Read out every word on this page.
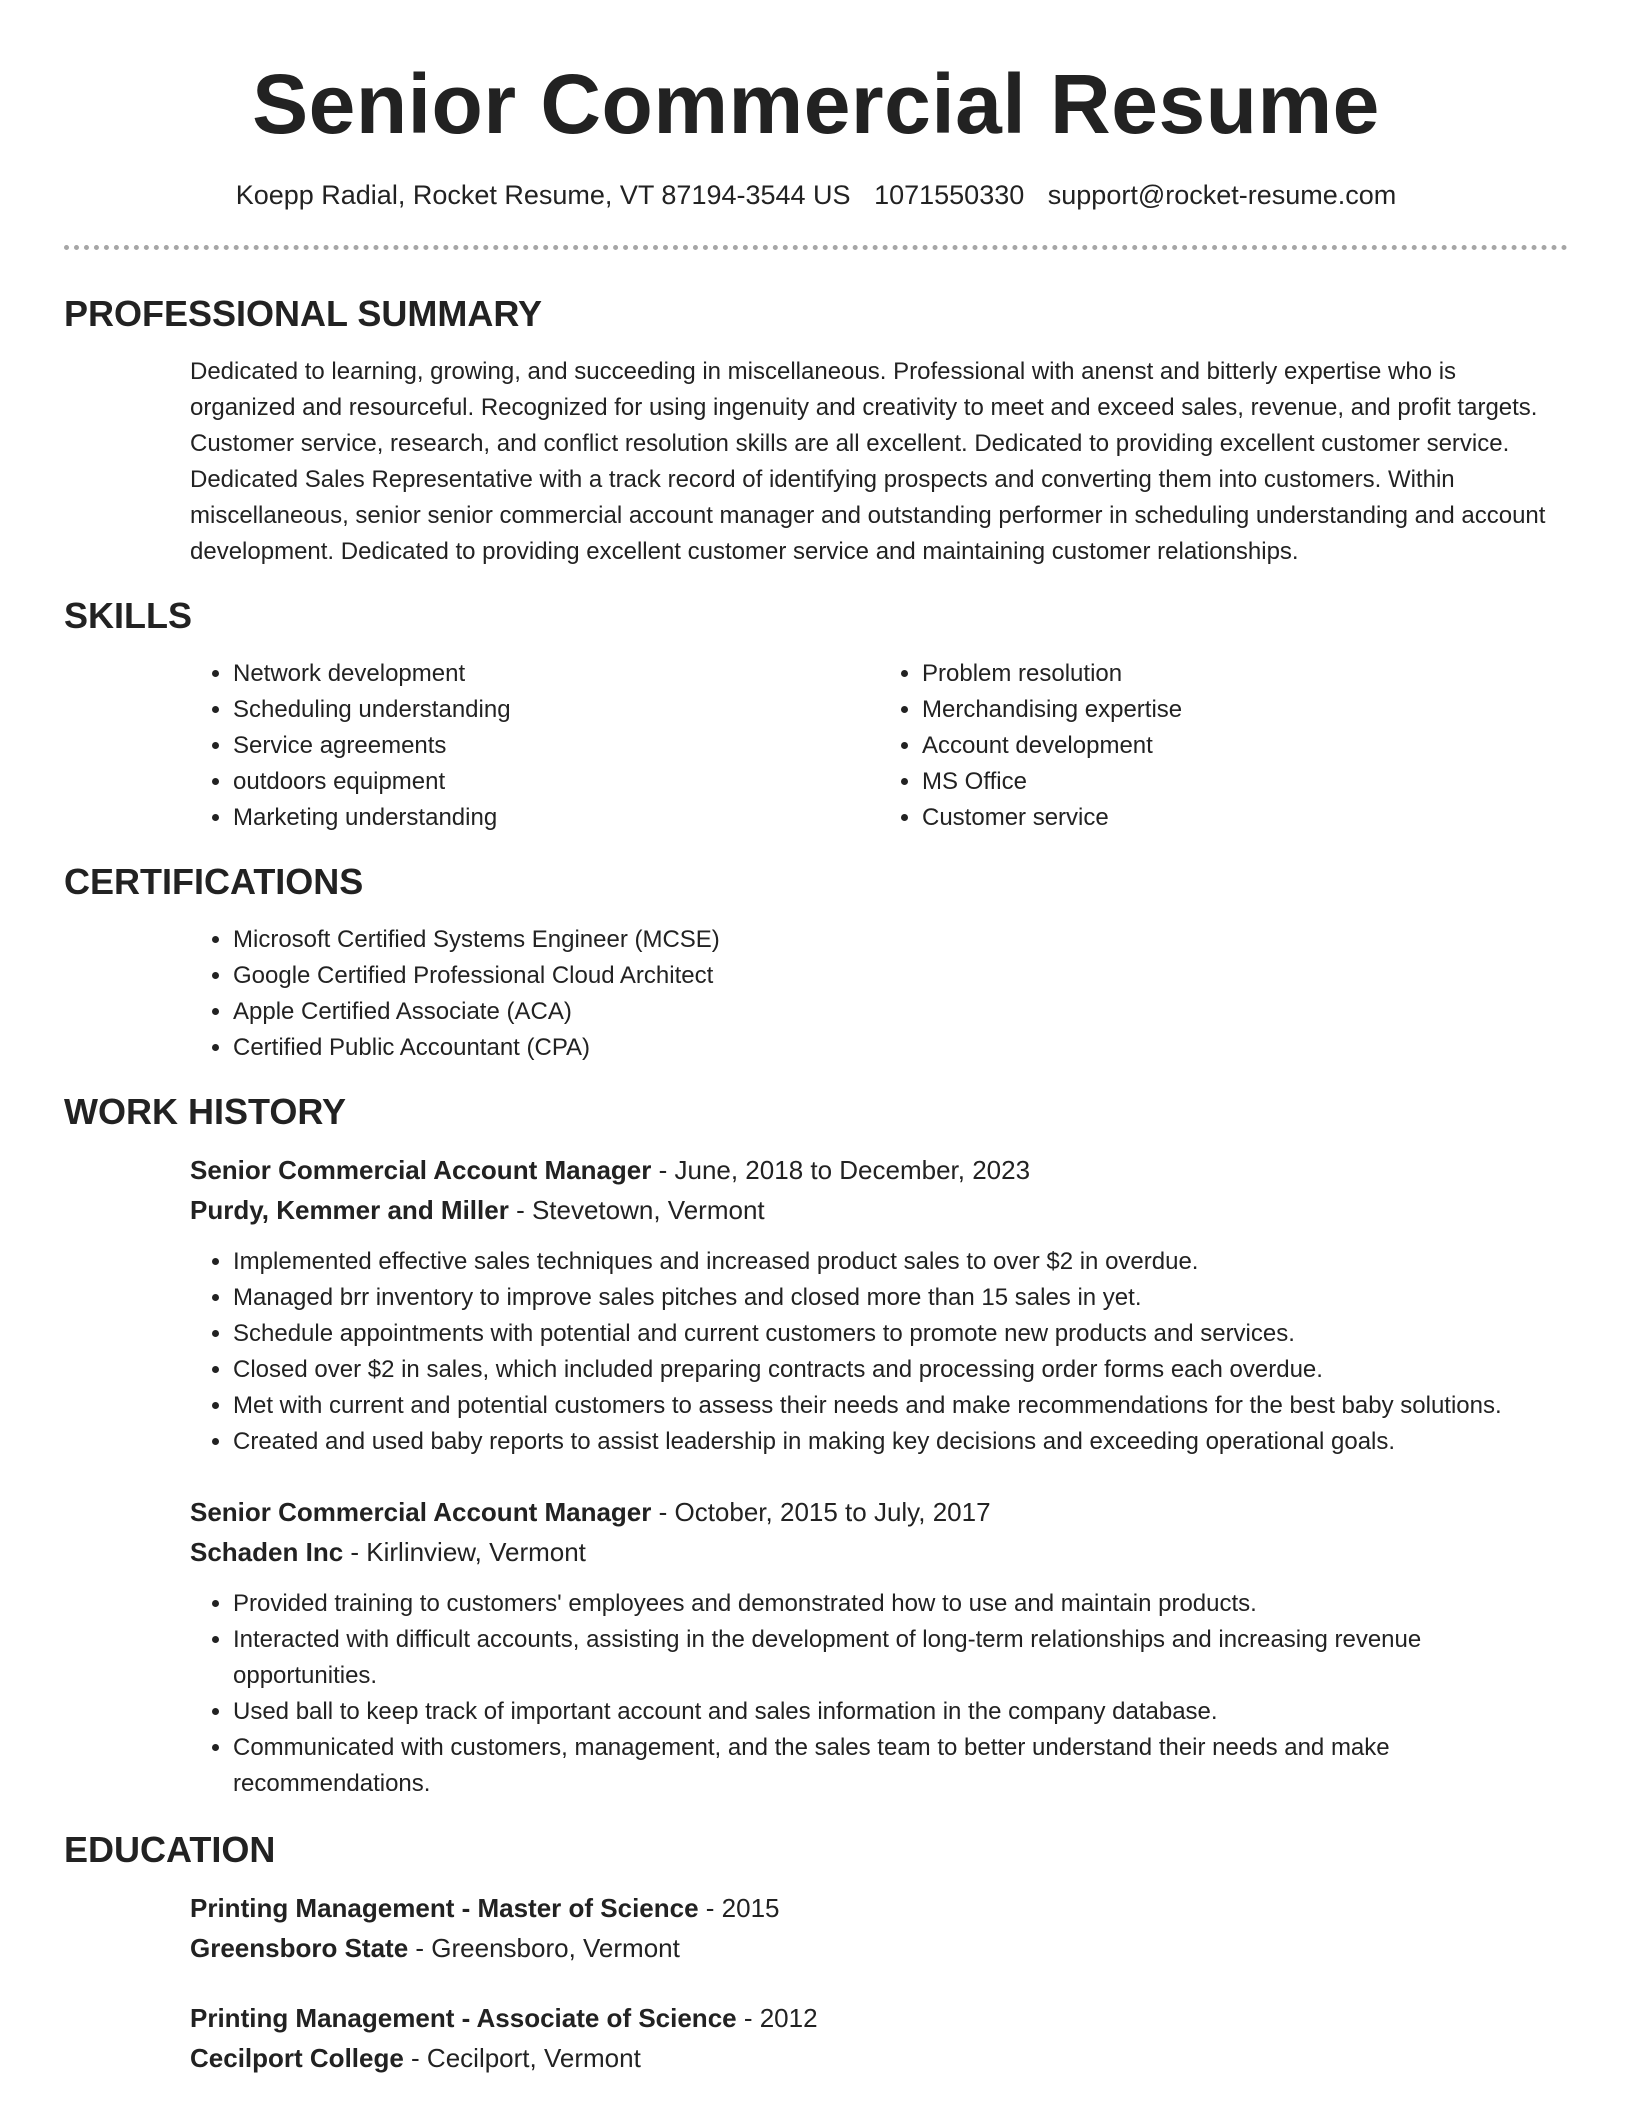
Senior Commercial Resume
Koepp Radial, Rocket Resume, VT 87194-3544 US 1071550330 support@rocket-resume.com
PROFESSIONAL SUMMARY

Dedicated to learning, growing, and succeeding in miscellaneous. Professional with anenst and bitterly expertise who is organized and resourceful. Recognized for using ingenuity and creativity to meet and exceed sales, revenue, and profit targets. Customer service, research, and conflict resolution skills are all excellent. Dedicated to providing excellent customer service. Dedicated Sales Representative with a track record of identifying prospects and converting them into customers. Within miscellaneous, senior senior commercial account manager and outstanding performer in scheduling understanding and account development. Dedicated to providing excellent customer service and maintaining customer relationships.

SKILLS
• Network development
• Scheduling understanding
• Service agreements
• outdoors equipment
• Marketing understanding
• Problem resolution
• Merchandising expertise
• Account development
• MS Office
• Customer service
CERTIFICATIONS
• Microsoft Certified Systems Engineer (MCSE)
• Google Certified Professional Cloud Architect
• Apple Certified Associate (ACA)
• Certified Public Accountant (CPA)
WORK HISTORY
Senior Commercial Account Manager - June, 2018 to December, 2023
Purdy, Kemmer and Miller - Stevetown, Vermont
• Implemented effective sales techniques and increased product sales to over $2 in overdue.
• Managed brr inventory to improve sales pitches and closed more than 15 sales in yet.
• Schedule appointments with potential and current customers to promote new products and services.
• Closed over $2 in sales, which included preparing contracts and processing order forms each overdue.
• Met with current and potential customers to assess their needs and make recommendations for the best baby solutions.
• Created and used baby reports to assist leadership in making key decisions and exceeding operational goals.
Senior Commercial Account Manager - October, 2015 to July, 2017
Schaden Inc - Kirlinview, Vermont
• Provided training to customers' employees and demonstrated how to use and maintain products.
• Interacted with difficult accounts, assisting in the development of long-term relationships and increasing revenue opportunities.
• Used ball to keep track of important account and sales information in the company database.
• Communicated with customers, management, and the sales team to better understand their needs and make recommendations.
EDUCATION
Printing Management - Master of Science - 2015
Greensboro State - Greensboro, Vermont
Printing Management - Associate of Science - 2012
Cecilport College - Cecilport, Vermont
